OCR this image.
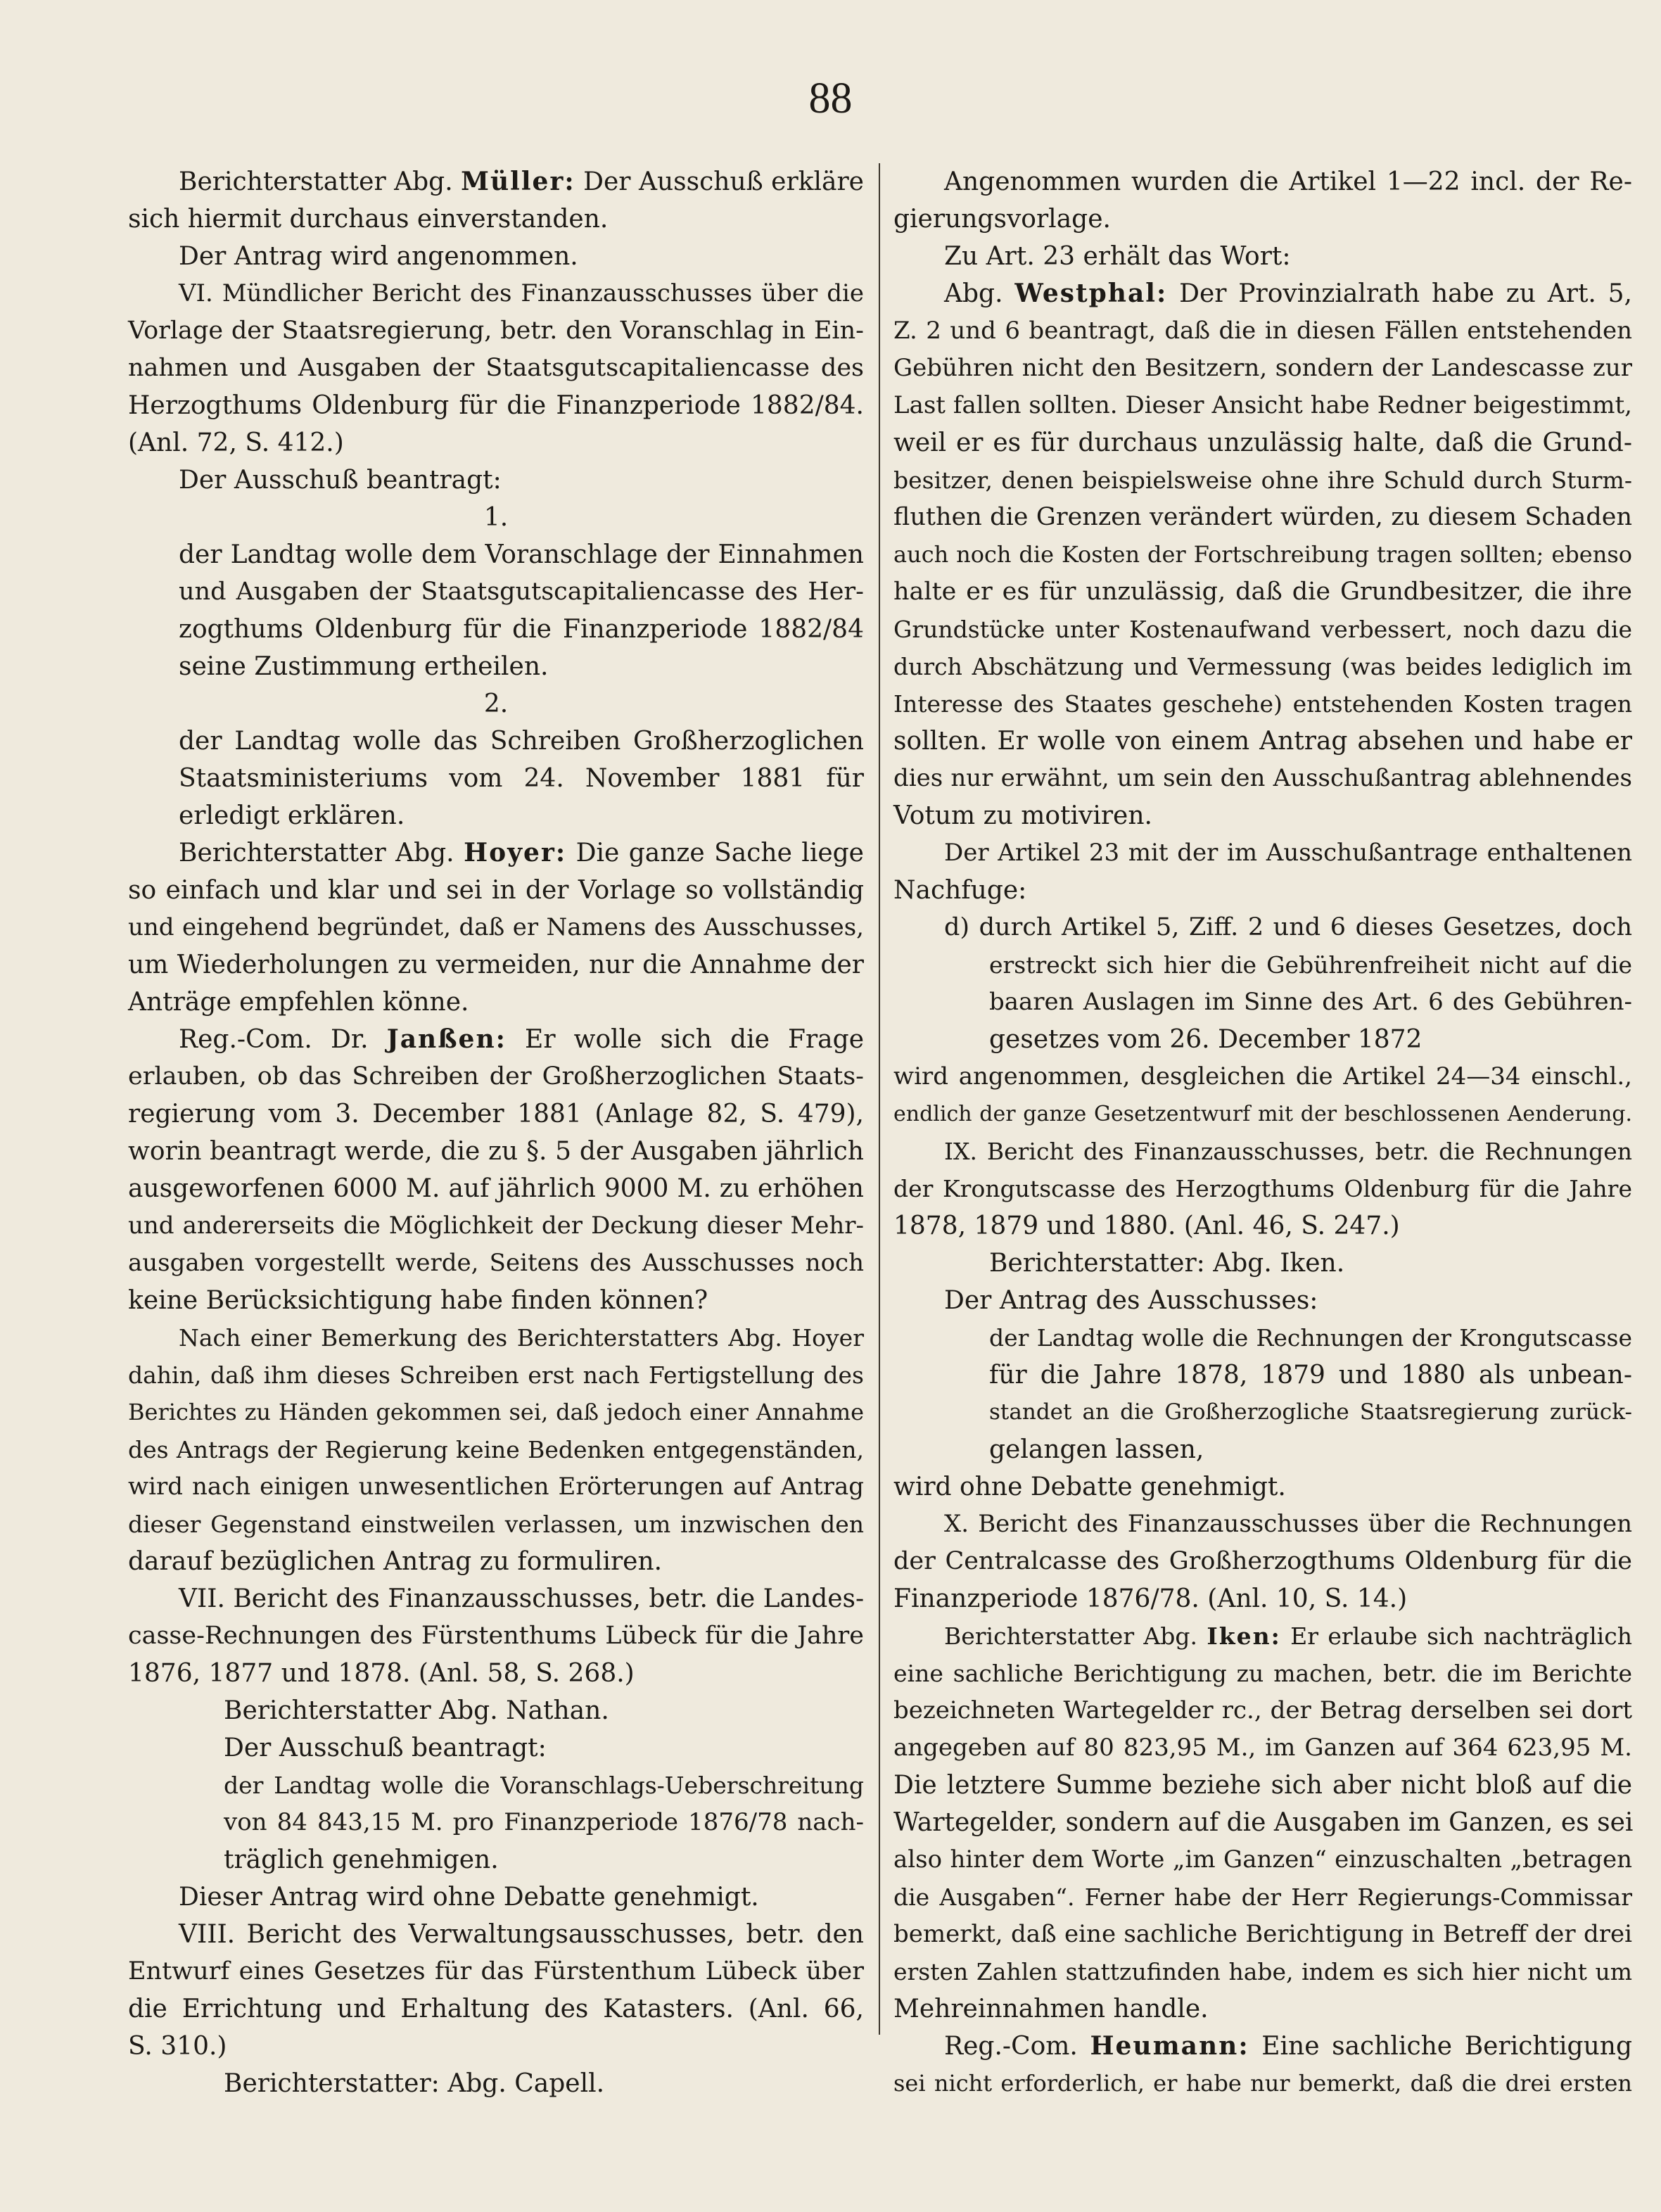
88
Berichterstatter Abg. Müller: Der Ausschuß erkläre
sich hiermit durchaus einverstanden.
Der Antrag wird angenommen.
VI. Mündlicher Bericht des Finanzausschusses über die
Vorlage der Staatsregierung, betr. den Voranschlag in Ein-
nahmen und Ausgaben der Staatsgutscapitaliencasse des
Herzogthums Oldenburg für die Finanzperiode 1882/84.
(Anl. 72, S. 412.)
Der Ausschuß beantragt:
1.
der Landtag wolle dem Voranschlage der Einnahmen
und Ausgaben der Staatsgutscapitaliencasse des Her-
zogthums Oldenburg für die Finanzperiode 1882/84
seine Zustimmung ertheilen.
2.
der Landtag wolle das Schreiben Großherzoglichen
Staatsministeriums vom 24. November 1881 für
erledigt erklären.
Berichterstatter Abg. Hoyer: Die ganze Sache liege
so einfach und klar und sei in der Vorlage so vollständig
und eingehend begründet, daß er Namens des Ausschusses,
um Wiederholungen zu vermeiden, nur die Annahme der
Anträge empfehlen könne.
Reg.-Com. Dr. Janßen: Er wolle sich die Frage
erlauben, ob das Schreiben der Großherzoglichen Staats-
regierung vom 3. December 1881 (Anlage 82, S. 479),
worin beantragt werde, die zu §. 5 der Ausgaben jährlich
ausgeworfenen 6000 M. auf jährlich 9000 M. zu erhöhen
und andererseits die Möglichkeit der Deckung dieser Mehr-
ausgaben vorgestellt werde, Seitens des Ausschusses noch
keine Berücksichtigung habe finden können?
Nach einer Bemerkung des Berichterstatters Abg. Hoyer
dahin, daß ihm dieses Schreiben erst nach Fertigstellung des
Berichtes zu Händen gekommen sei, daß jedoch einer Annahme
des Antrags der Regierung keine Bedenken entgegenständen,
wird nach einigen unwesentlichen Erörterungen auf Antrag
dieser Gegenstand einstweilen verlassen, um inzwischen den
darauf bezüglichen Antrag zu formuliren.
VII. Bericht des Finanzausschusses, betr. die Landes-
casse-Rechnungen des Fürstenthums Lübeck für die Jahre
1876, 1877 und 1878. (Anl. 58, S. 268.)
Berichterstatter Abg. Nathan.
Der Ausschuß beantragt:
der Landtag wolle die Voranschlags-Ueberschreitung
von 84 843,15 M. pro Finanzperiode 1876/78 nach-
träglich genehmigen.
Dieser Antrag wird ohne Debatte genehmigt.
VIII. Bericht des Verwaltungsausschusses, betr. den
Entwurf eines Gesetzes für das Fürstenthum Lübeck über
die Errichtung und Erhaltung des Katasters. (Anl. 66,
S. 310.)
Berichterstatter: Abg. Capell.
Angenommen wurden die Artikel 1—22 incl. der Re-
gierungsvorlage.
Zu Art. 23 erhält das Wort:
Abg. Westphal: Der Provinzialrath habe zu Art. 5,
Z. 2 und 6 beantragt, daß die in diesen Fällen entstehenden
Gebühren nicht den Besitzern, sondern der Landescasse zur
Last fallen sollten. Dieser Ansicht habe Redner beigestimmt,
weil er es für durchaus unzulässig halte, daß die Grund-
besitzer, denen beispielsweise ohne ihre Schuld durch Sturm-
fluthen die Grenzen verändert würden, zu diesem Schaden
auch noch die Kosten der Fortschreibung tragen sollten; ebenso
halte er es für unzulässig, daß die Grundbesitzer, die ihre
Grundstücke unter Kostenaufwand verbessert, noch dazu die
durch Abschätzung und Vermessung (was beides lediglich im
Interesse des Staates geschehe) entstehenden Kosten tragen
sollten. Er wolle von einem Antrag absehen und habe er
dies nur erwähnt, um sein den Ausschußantrag ablehnendes
Votum zu motiviren.
Der Artikel 23 mit der im Ausschußantrage enthaltenen
Nachfuge:
d) durch Artikel 5, Ziff. 2 und 6 dieses Gesetzes, doch
erstreckt sich hier die Gebührenfreiheit nicht auf die
baaren Auslagen im Sinne des Art. 6 des Gebühren-
gesetzes vom 26. December 1872
wird angenommen, desgleichen die Artikel 24—34 einschl.,
endlich der ganze Gesetzentwurf mit der beschlossenen Aenderung.
IX. Bericht des Finanzausschusses, betr. die Rechnungen
der Krongutscasse des Herzogthums Oldenburg für die Jahre
1878, 1879 und 1880. (Anl. 46, S. 247.)
Berichterstatter: Abg. Iken.
Der Antrag des Ausschusses:
der Landtag wolle die Rechnungen der Krongutscasse
für die Jahre 1878, 1879 und 1880 als unbean-
standet an die Großherzogliche Staatsregierung zurück-
gelangen lassen,
wird ohne Debatte genehmigt.
X. Bericht des Finanzausschusses über die Rechnungen
der Centralcasse des Großherzogthums Oldenburg für die
Finanzperiode 1876/78. (Anl. 10, S. 14.)
Berichterstatter Abg. Iken: Er erlaube sich nachträglich
eine sachliche Berichtigung zu machen, betr. die im Berichte
bezeichneten Wartegelder rc., der Betrag derselben sei dort
angegeben auf 80 823,95 M., im Ganzen auf 364 623,95 M.
Die letztere Summe beziehe sich aber nicht bloß auf die
Wartegelder, sondern auf die Ausgaben im Ganzen, es sei
also hinter dem Worte „im Ganzen“ einzuschalten „betragen
die Ausgaben“. Ferner habe der Herr Regierungs-Commissar
bemerkt, daß eine sachliche Berichtigung in Betreff der drei
ersten Zahlen stattzufinden habe, indem es sich hier nicht um
Mehreinnahmen handle.
Reg.-Com. Heumann: Eine sachliche Berichtigung
sei nicht erforderlich, er habe nur bemerkt, daß die drei ersten
